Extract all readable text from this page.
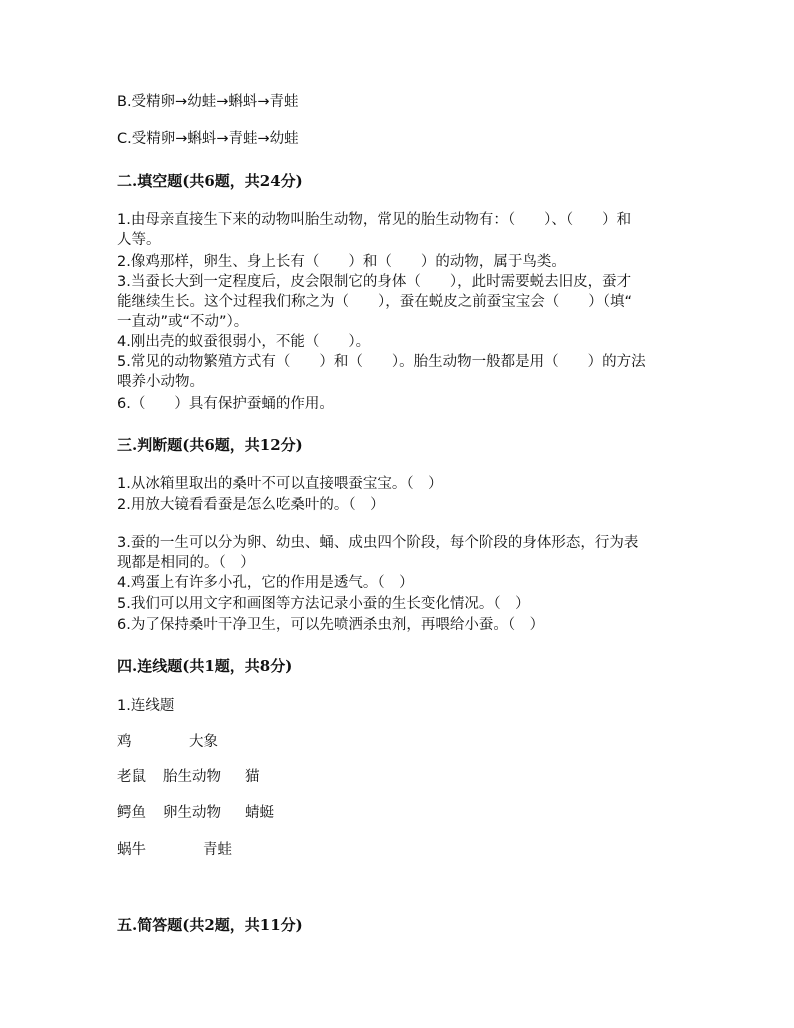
B.受精卵→幼蛙→蝌蚪→青蛙
C.受精卵→蝌蚪→青蛙→幼蛙
二.填空题(共6题，共24分)
1.由母亲直接生下来的动物叫胎生动物，常见的胎生动物有：（　　）、（　　）和
人等。
2.像鸡那样，卵生、身上长有（　　）和（　　）的动物，属于鸟类。
3.当蚕长大到一定程度后，皮会限制它的身体（　　），此时需要蜕去旧皮，蚕才
能继续生长。这个过程我们称之为（　　），蚕在蜕皮之前蚕宝宝会（　　）（填“
一直动”或“不动”）。
4.刚出壳的蚁蚕很弱小，不能（　　）。
5.常见的动物繁殖方式有（　　）和（　　）。胎生动物一般都是用（　　）的方法
喂养小动物。
6.（　　）具有保护蚕蛹的作用。
三.判断题(共6题，共12分)
1.从冰箱里取出的桑叶不可以直接喂蚕宝宝。（　）
2.用放大镜看看蚕是怎么吃桑叶的。（　）
3.蚕的一生可以分为卵、幼虫、蛹、成虫四个阶段，每个阶段的身体形态，行为表
现都是相同的。（　）
4.鸡蛋上有许多小孔，它的作用是透气。（　）
5.我们可以用文字和画图等方法记录小蚕的生长变化情况。（　）
6.为了保持桑叶干净卫生，可以先喷洒杀虫剂，再喂给小蚕。（　）
四.连线题(共1题，共8分)
1.连线题
鸡	大象
老鼠 胎生动物 猫
鳄鱼 卵生动物 蜻蜓
蜗牛	青蛙
五.简答题(共2题，共11分)
